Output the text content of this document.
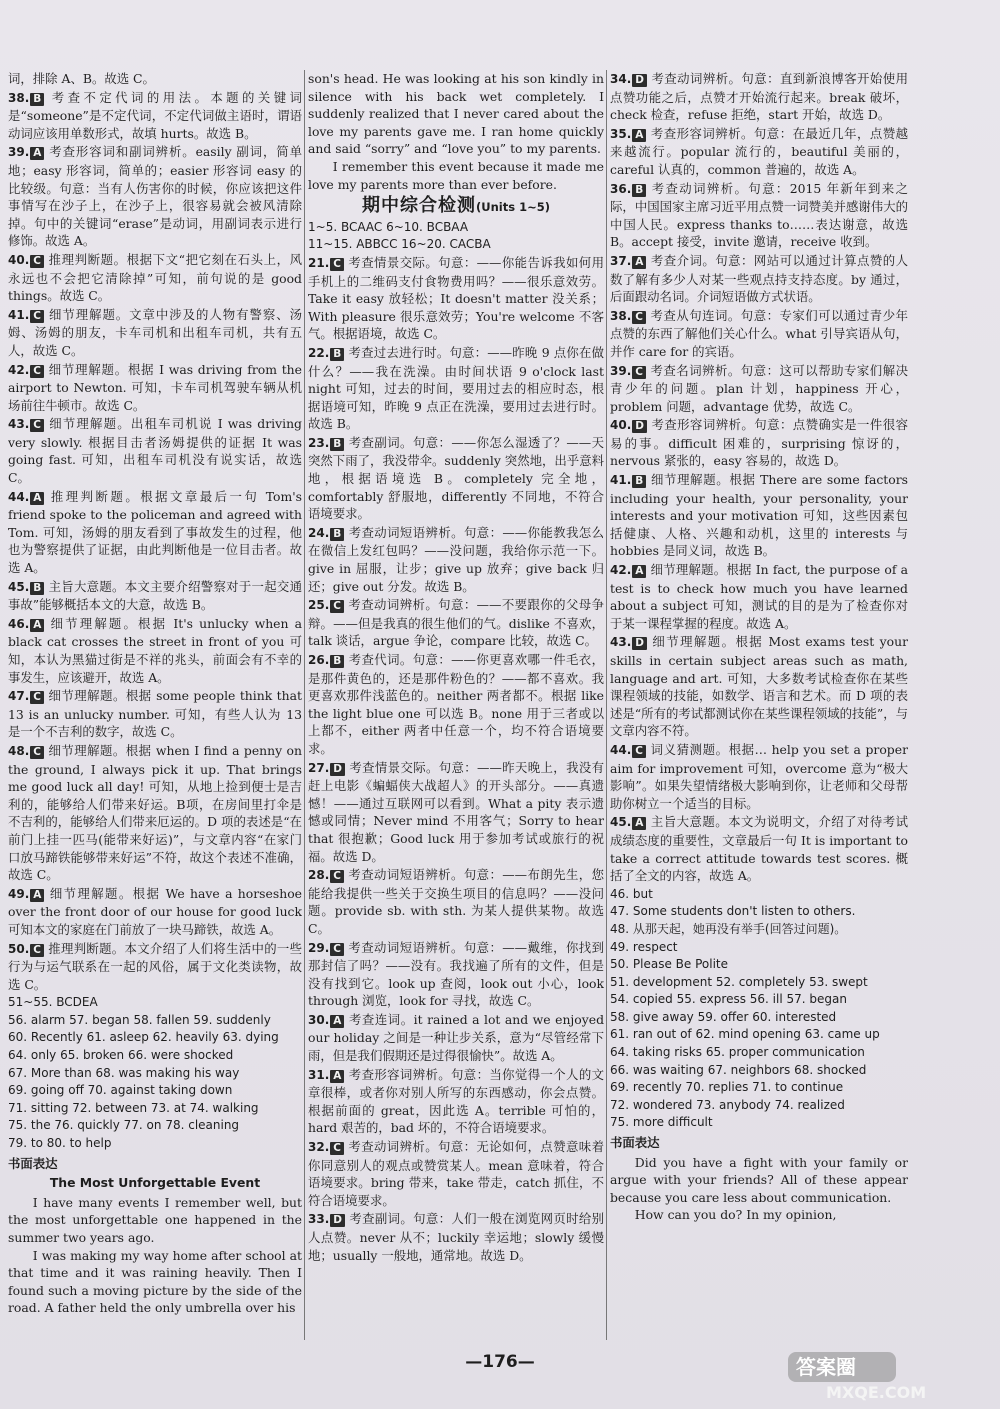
词，排除 A、B。故选 C。

38. B 考查不定代词的用法。本题的关键词是“someone”是不定代词，不定代词做主语时，谓语动词应该用单数形式，故填 hurts。故选 B。

39. A 考查形容词和副词辨析。easily 副词，简单地；easy 形容词，简单的；easier 形容词 easy 的比较级。句意：当有人伤害你的时候，你应该把这件事情写在沙子上，在沙子上，很容易就会被风清除掉。句中的关键词“erase”是动词，用副词表示进行修饰。故选 A。

40. C 推理判断题。根据下文“把它刻在石头上，风永远也不会把它清除掉”可知，前句说的是 good things。故选 C。

41. C 细节理解题。文章中涉及的人物有警察、汤姆、汤姆的朋友，卡车司机和出租车司机，共有五人，故选 C。

42. C 细节理解题。根据 I was driving from the airport to Newton. 可知，卡车司机驾驶车辆从机场前往牛顿市。故选 C。

43. C 细节理解题。出租车司机说 I was driving very slowly. 根据目击者汤姆提供的证据 It was going fast. 可知，出租车司机没有说实话，故选 C。

44. A 推理判断题。根据文章最后一句 Tom's friend spoke to the policeman and agreed with Tom. 可知，汤姆的朋友看到了事故发生的过程，他也为警察提供了证据，由此判断他是一位目击者。故选 A。

45. B 主旨大意题。本文主要介绍警察对于一起交通事故”能够概括本文的大意，故选 B。

46. A 细节理解题。根据 It's unlucky when a black cat crosses the street in front of you 可知，本认为黑猫过街是不祥的兆头，前面会有不幸的事发生，应该避开，故选 A。

47. C 细节理解题。根据 some people think that 13 is an unlucky number. 可知，有些人认为 13 是一个不吉利的数字，故选 C。

48. C 细节理解题。根据 when I find a penny on the ground, I always pick it up. That brings me good luck all day! 可知，从地上捡到便士是吉利的，能够给人们带来好运。B项，在房间里打伞是不吉利的，能够给人们带来厄运的。D 项的表述是“在前门上挂一匹马(能带来好运)”，与文章内容“在家门口放马蹄铁能够带来好运”不符，故这个表述不准确，故选 C。

49. A 细节理解题。根据 We have a horseshoe over the front door of our house for good luck 可知本文的家庭在门前放了一块马蹄铁，故选 A。

50. C 推理判断题。本文介绍了人们将生活中的一些行为与运气联系在一起的风俗，属于文化类读物，故选 C。

51~55. BCDEA

56. alarm 57. began 58. fallen 59. suddenly

60. Recently 61. asleep 62. heavily 63. dying

64. only 65. broken 66. were shocked

67. More than 68. was making his way

69. going off 70. against taking down

71. sitting 72. between 73. at 74. walking

75. the 76. quickly 77. on 78. cleaning

79. to 80. to help

书面表达
The Most Unforgettable Event

I have many events I remember well, but the most unforgettable one happened in the summer two years ago.

I was making my way home after school at that time and it was raining heavily. Then I found such a moving picture by the side of the road. A father held the only umbrella over his

son's head. He was looking at his son kindly in silence with his back wet completely. I suddenly realized that I never cared about the love my parents gave me. I ran home quickly and said “sorry” and “love you” to my parents.

I remember this event because it made me love my parents more than ever before.

期中综合检测(Units 1~5)

1~5. BCAAC 6~10. BCBAA

11~15. ABBCC 16~20. CACBA

21. C 考查情景交际。句意：——你能告诉我如何用手机上的二维码支付食物费用吗？——很乐意效劳。Take it easy 放轻松；It doesn't matter 没关系；With pleasure 很乐意效劳；You're welcome 不客气。根据语境，故选 C。

22. B 考查过去进行时。句意：——昨晚 9 点你在做什么？——我在洗澡。由时间状语 9 o'clock last night 可知，过去的时间，要用过去的相应时态，根据语境可知，昨晚 9 点正在洗澡，要用过去进行时。故选 B。

23. B 考查副词。句意：——你怎么湿透了？——天突然下雨了，我没带伞。suddenly 突然地，出乎意料地，根据语境选 B。completely 完全地，comfortably 舒服地，differently 不同地，不符合语境要求。

24. B 考查动词短语辨析。句意：——你能教我怎么在微信上发红包吗？——没问题，我给你示范一下。give in 屈服，让步；give up 放弃；give back 归还；give out 分发。故选 B。

25. C 考查动词辨析。句意：——不要跟你的父母争辩。——但是我真的很生他们的气。dislike 不喜欢，talk 谈话，argue 争论，compare 比较，故选 C。

26. B 考查代词。句意：——你更喜欢哪一件毛衣，是那件黄色的，还是那件粉色的？——都不喜欢。我更喜欢那件浅蓝色的。neither 两者都不。根据 like the light blue one 可以选 B。none 用于三者或以上都不，either 两者中任意一个，均不符合语境要求。

27. D 考查情景交际。句意：——昨天晚上，我没有赶上电影《蝙蝠侠大战超人》的开头部分。——真遗憾！——通过互联网可以看到。What a pity 表示遗憾或同情；Never mind 不用客气；Sorry to hear that 很抱歉；Good luck 用于参加考试或旅行的祝福。故选 D。

28. C 考查动词短语辨析。句意：——布朗先生，您能给我提供一些关于交换生项目的信息吗？——没问题。provide sb. with sth. 为某人提供某物。故选 C。

29. C 考查动词短语辨析。句意：——戴维，你找到那封信了吗？——没有。我找遍了所有的文件，但是没有找到它。look up 查阅，look out 小心，look through 浏览，look for 寻找，故选 C。

30. A 考查连词。it rained a lot and we enjoyed our holiday 之间是一种让步关系，意为“尽管经常下雨，但是我们假期还是过得很愉快”。故选 A。

31. A 考查形容词辨析。句意：当你觉得一个人的文章很棒，或者你对别人所写的东西感动，你会点赞。根据前面的 great，因此选 A。terrible 可怕的，hard 艰苦的，bad 坏的，不符合语境要求。

32. C 考查动词辨析。句意：无论如何，点赞意味着你同意别人的观点或赞赏某人。mean 意味着，符合语境要求。bring 带来，take 带走，catch 抓住，不符合语境要求。

33. D 考查副词。句意：人们一般在浏览网页时给别人点赞。never 从不；luckily 幸运地；slowly 缓慢地；usually 一般地，通常地。故选 D。

34. D 考查动词辨析。句意：直到新浪博客开始使用点赞功能之后，点赞才开始流行起来。break 破坏，check 检查，refuse 拒绝，start 开始，故选 D。

35. A 考查形容词辨析。句意：在最近几年，点赞越来越流行。popular 流行的，beautiful 美丽的，careful 认真的，common 普遍的，故选 A。

36. B 考查动词辨析。句意：2015 年新年到来之际，中国国家主席习近平用点赞一词赞美并感谢伟大的中国人民。express thanks to……表达谢意，故选 B。accept 接受，invite 邀请，receive 收到。

37. A 考查介词。句意：网站可以通过计算点赞的人数了解有多少人对某一些观点持支持态度。by 通过，后面跟动名词。介词短语做方式状语。

38. C 考查从句连词。句意：专家们可以通过青少年点赞的东西了解他们关心什么。what 引导宾语从句，并作 care for 的宾语。

39. C 考查名词辨析。句意：这可以帮助专家们解决青少年的问题。plan 计划，happiness 开心，problem 问题，advantage 优势，故选 C。

40. D 考查形容词辨析。句意：点赞确实是一件很容易的事。difficult 困难的，surprising 惊讶的，nervous 紧张的，easy 容易的，故选 D。

41. B 细节理解题。根据 There are some factors including your health, your personality, your interests and your motivation 可知，这些因素包括健康、人格、兴趣和动机，这里的 interests 与 hobbies 是同义词，故选 B。

42. A 细节理解题。根据 In fact, the purpose of a test is to check how much you have learned about a subject 可知，测试的目的是为了检查你对于某一课程掌握的程度。故选 A。

43. D 细节理解题。根据 Most exams test your skills in certain subject areas such as math, language and art. 可知，大多数考试检查你在某些课程领域的技能，如数学、语言和艺术。而 D 项的表述是“所有的考试都测试你在某些课程领域的技能”，与文章内容不符。

44. C 词义猜测题。根据… help you set a proper aim for improvement 可知，overcome 意为“极大影响”。如果失望情绪极大影响到你，让老师和父母帮助你树立一个适当的目标。

45. A 主旨大意题。本文为说明文，介绍了对待考试成绩态度的重要性，文章最后一句 It is important to take a correct attitude towards test scores. 概括了全文的内容，故选 A。

46. but

47. Some students don't listen to others.

48. 从那天起，她再没有举手(回答过问题)。

49. respect

50. Please Be Polite

51. development 52. completely 53. swept

54. copied 55. express 56. ill 57. began

58. give away 59. offer 60. interested

61. ran out of 62. mind opening 63. came up

64. taking risks 65. proper communication

66. was waiting 67. neighbors 68. shocked

69. recently 70. replies 71. to continue

72. wondered 73. anybody 74. realized

75. more difficult

书面表达

Did you have a fight with your family or argue with your friends? All of these appear because you care less about communication.

How can you do? In my opinion,

—176—	答案圈
MXQE.COM
